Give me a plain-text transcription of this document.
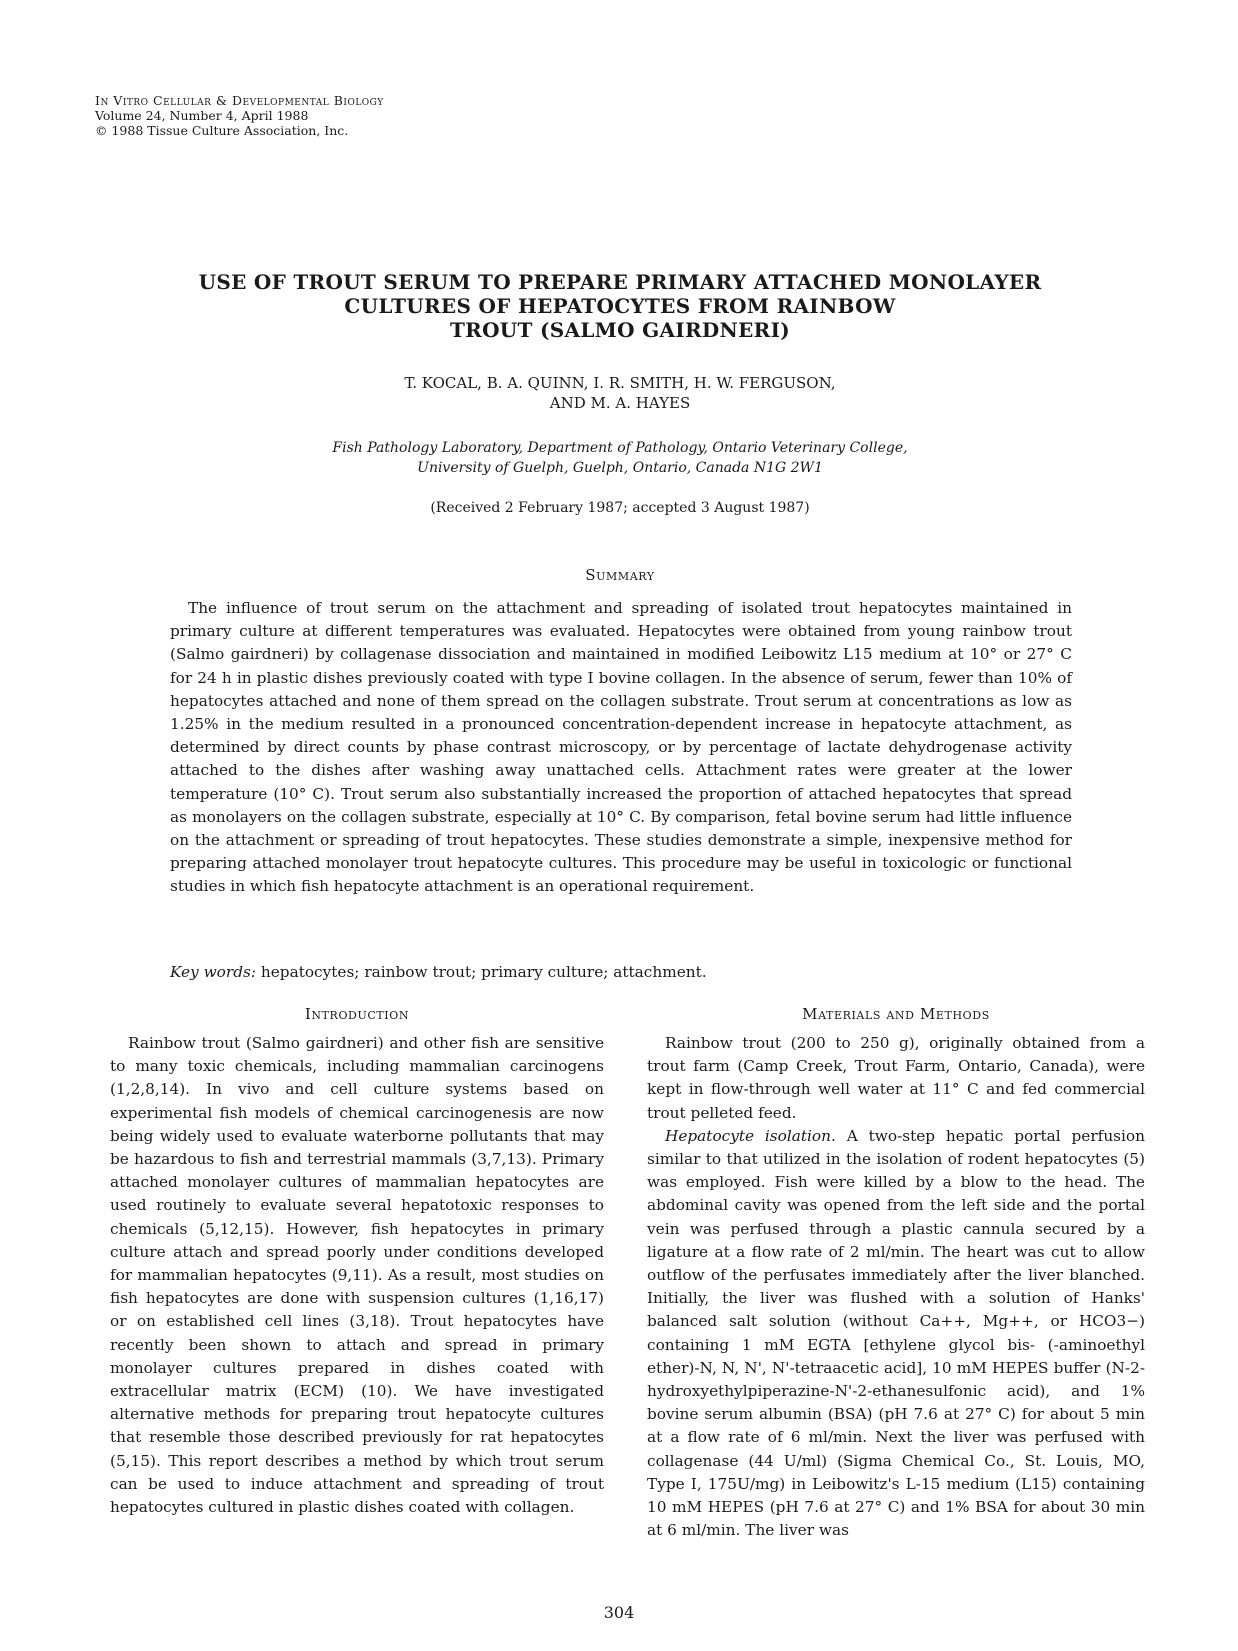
In Vitro Cellular & Developmental Biology
Volume 24, Number 4, April 1988
© 1988 Tissue Culture Association, Inc.
USE OF TROUT SERUM TO PREPARE PRIMARY ATTACHED MONOLAYER
CULTURES OF HEPATOCYTES FROM RAINBOW
TROUT (SALMO GAIRDNERI)
T. KOCAL, B. A. QUINN, I. R. SMITH, H. W. FERGUSON,
AND M. A. HAYES
Fish Pathology Laboratory, Department of Pathology, Ontario Veterinary College,
University of Guelph, Guelph, Ontario, Canada N1G 2W1
(Received 2 February 1987; accepted 3 August 1987)
Summary

The influence of trout serum on the attachment and spreading of isolated trout hepatocytes maintained in primary culture at different temperatures was evaluated. Hepatocytes were obtained from young rainbow trout (Salmo gairdneri) by collagenase dissociation and maintained in modified Leibowitz L15 medium at 10° or 27° C for 24 h in plastic dishes previously coated with type I bovine collagen. In the absence of serum, fewer than 10% of hepatocytes attached and none of them spread on the collagen substrate. Trout serum at concentrations as low as 1.25% in the medium resulted in a pronounced concentration-dependent increase in hepatocyte attachment, as determined by direct counts by phase contrast microscopy, or by percentage of lactate dehydrogenase activity attached to the dishes after washing away unattached cells. Attachment rates were greater at the lower temperature (10° C). Trout serum also substantially increased the proportion of attached hepatocytes that spread as monolayers on the collagen substrate, especially at 10° C. By comparison, fetal bovine serum had little influence on the attachment or spreading of trout hepatocytes. These studies demonstrate a simple, inexpensive method for preparing attached monolayer trout hepatocyte cultures. This procedure may be useful in toxicologic or functional studies in which fish hepatocyte attachment is an operational requirement.

Key words: hepatocytes; rainbow trout; primary culture; attachment.
Introduction

Rainbow trout (Salmo gairdneri) and other fish are sensitive to many toxic chemicals, including mammalian carcinogens (1,2,8,14). In vivo and cell culture systems based on experimental fish models of chemical carcinogenesis are now being widely used to evaluate waterborne pollutants that may be hazardous to fish and terrestrial mammals (3,7,13). Primary attached monolayer cultures of mammalian hepatocytes are used routinely to evaluate several hepatotoxic responses to chemicals (5,12,15). However, fish hepatocytes in primary culture attach and spread poorly under conditions developed for mammalian hepatocytes (9,11). As a result, most studies on fish hepatocytes are done with suspension cultures (1,16,17) or on established cell lines (3,18). Trout hepatocytes have recently been shown to attach and spread in primary monolayer cultures prepared in dishes coated with extracellular matrix (ECM) (10). We have investigated alternative methods for preparing trout hepatocyte cultures that resemble those described previously for rat hepatocytes (5,15). This report describes a method by which trout serum can be used to induce attachment and spreading of trout hepatocytes cultured in plastic dishes coated with collagen.

Materials and Methods

Rainbow trout (200 to 250 g), originally obtained from a trout farm (Camp Creek, Trout Farm, Ontario, Canada), were kept in flow-through well water at 11° C and fed commercial trout pelleted feed.

Hepatocyte isolation. A two-step hepatic portal perfusion similar to that utilized in the isolation of rodent hepatocytes (5) was employed. Fish were killed by a blow to the head. The abdominal cavity was opened from the left side and the portal vein was perfused through a plastic cannula secured by a ligature at a flow rate of 2 ml/min. The heart was cut to allow outflow of the perfusates immediately after the liver blanched. Initially, the liver was flushed with a solution of Hanks' balanced salt solution (without Ca++, Mg++, or HCO3−) containing 1 mM EGTA [ethylene glycol bis- (-aminoethyl ether)-N, N, N', N'-tetraacetic acid], 10 mM HEPES buffer (N-2-hydroxyethylpiperazine-N'-2-ethanesulfonic acid), and 1% bovine serum albumin (BSA) (pH 7.6 at 27° C) for about 5 min at a flow rate of 6 ml/min. Next the liver was perfused with collagenase (44 U/ml) (Sigma Chemical Co., St. Louis, MO, Type I, 175U/mg) in Leibowitz's L-15 medium (L15) containing 10 mM HEPES (pH 7.6 at 27° C) and 1% BSA for about 30 min at 6 ml/min. The liver was

304
